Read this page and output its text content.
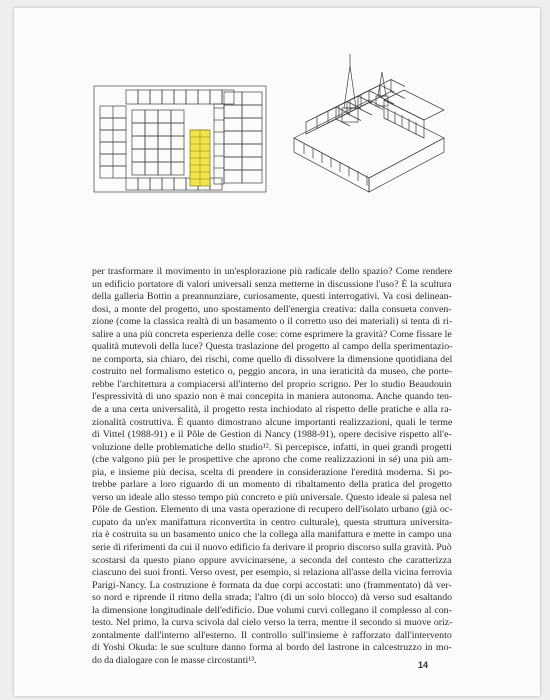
per trasformare il movimento in un'esplorazione più radicale dello spazio? Come rendere
un edificio portatore di valori universali senza metterne in discussione l'uso? È la scultura
della galleria Bottin a preannunziare, curiosamente, questi interrogativi. Va così delinean-
dosi, a monte del progetto, uno spostamento dell'energia creativa: dalla consueta conven-
zione (come la classica realtà di un basamento o il corretto uso dei materiali) si tenta di ri-
salire a una più concreta esperienza delle cose: come esprimere la gravità? Come fissare le
qualità mutevoli della luce? Questa traslazione del progetto al campo della sperimentazio-
ne comporta, sia chiaro, dei rischi, come quello di dissolvere la dimensione quotidiana del
costruito nel formalismo estetico o, peggio ancora, in una ieraticità da museo, che porte-
rebbe l'architettura a compiacersi all'interno del proprio scrigno. Per lo studio Beaudouin
l'espressività di uno spazio non è mai concepita in maniera autonoma. Anche quando ten-
de a una certa universalità, il progetto resta inchiodato al rispetto delle pratiche e alla ra-
zionalità costruttiva. È quanto dimostrano alcune importanti realizzazioni, quali le terme
di Vittel (1988-91) e il Pôle de Gestion di Nancy (1988-91), opere decisive rispetto all'e-
voluzione delle problematiche dello studio¹². Si percepisce, infatti, in quei grandi progetti
(che valgono più per le prospettive che aprono che come realizzazioni in sé) una più am-
pia, e insieme più decisa, scelta di prendere in considerazione l'eredità moderna. Si po-
trebbe parlare a loro riguardo di un momento di ribaltamento della pratica del progetto
verso un ideale allo stesso tempo più concreto e più universale. Questo ideale si palesa nel
Pôle de Gestion. Elemento di una vasta operazione di recupero dell'isolato urbano (già oc-
cupato da un'ex manifattura riconvertita in centro culturale), questa struttura universita-
ria è costruita su un basamento unico che la collega alla manifattura e mette in campo una
serie di riferimenti da cui il nuovo edificio fa derivare il proprio discorso sulla gravità. Può
scostarsi da questo piano oppure avvicinarsene, a seconda del contesto che caratterizza
ciascuno dei suoi fronti. Verso ovest, per esempio, si relaziona all'asse della vicina ferrovia
Parigi-Nancy. La costruzione è formata da due corpi accostati: uno (frammentato) dà ver-
so nord e riprende il ritmo della strada; l'altro (di un solo blocco) dà verso sud esaltando
la dimensione longitudinale dell'edificio. Due volumi curvi collegano il complesso al con-
testo. Nel primo, la curva scivola dal cielo verso la terra, mentre il secondo si muove oriz-
zontalmente dall'interno all'esterno. Il controllo sull'insieme è rafforzato dall'intervento
di Yoshi Okuda: le sue sculture danno forma al bordo del lastrone in calcestruzzo in mo-
do da dialogare con le masse circostanti¹³.	14
